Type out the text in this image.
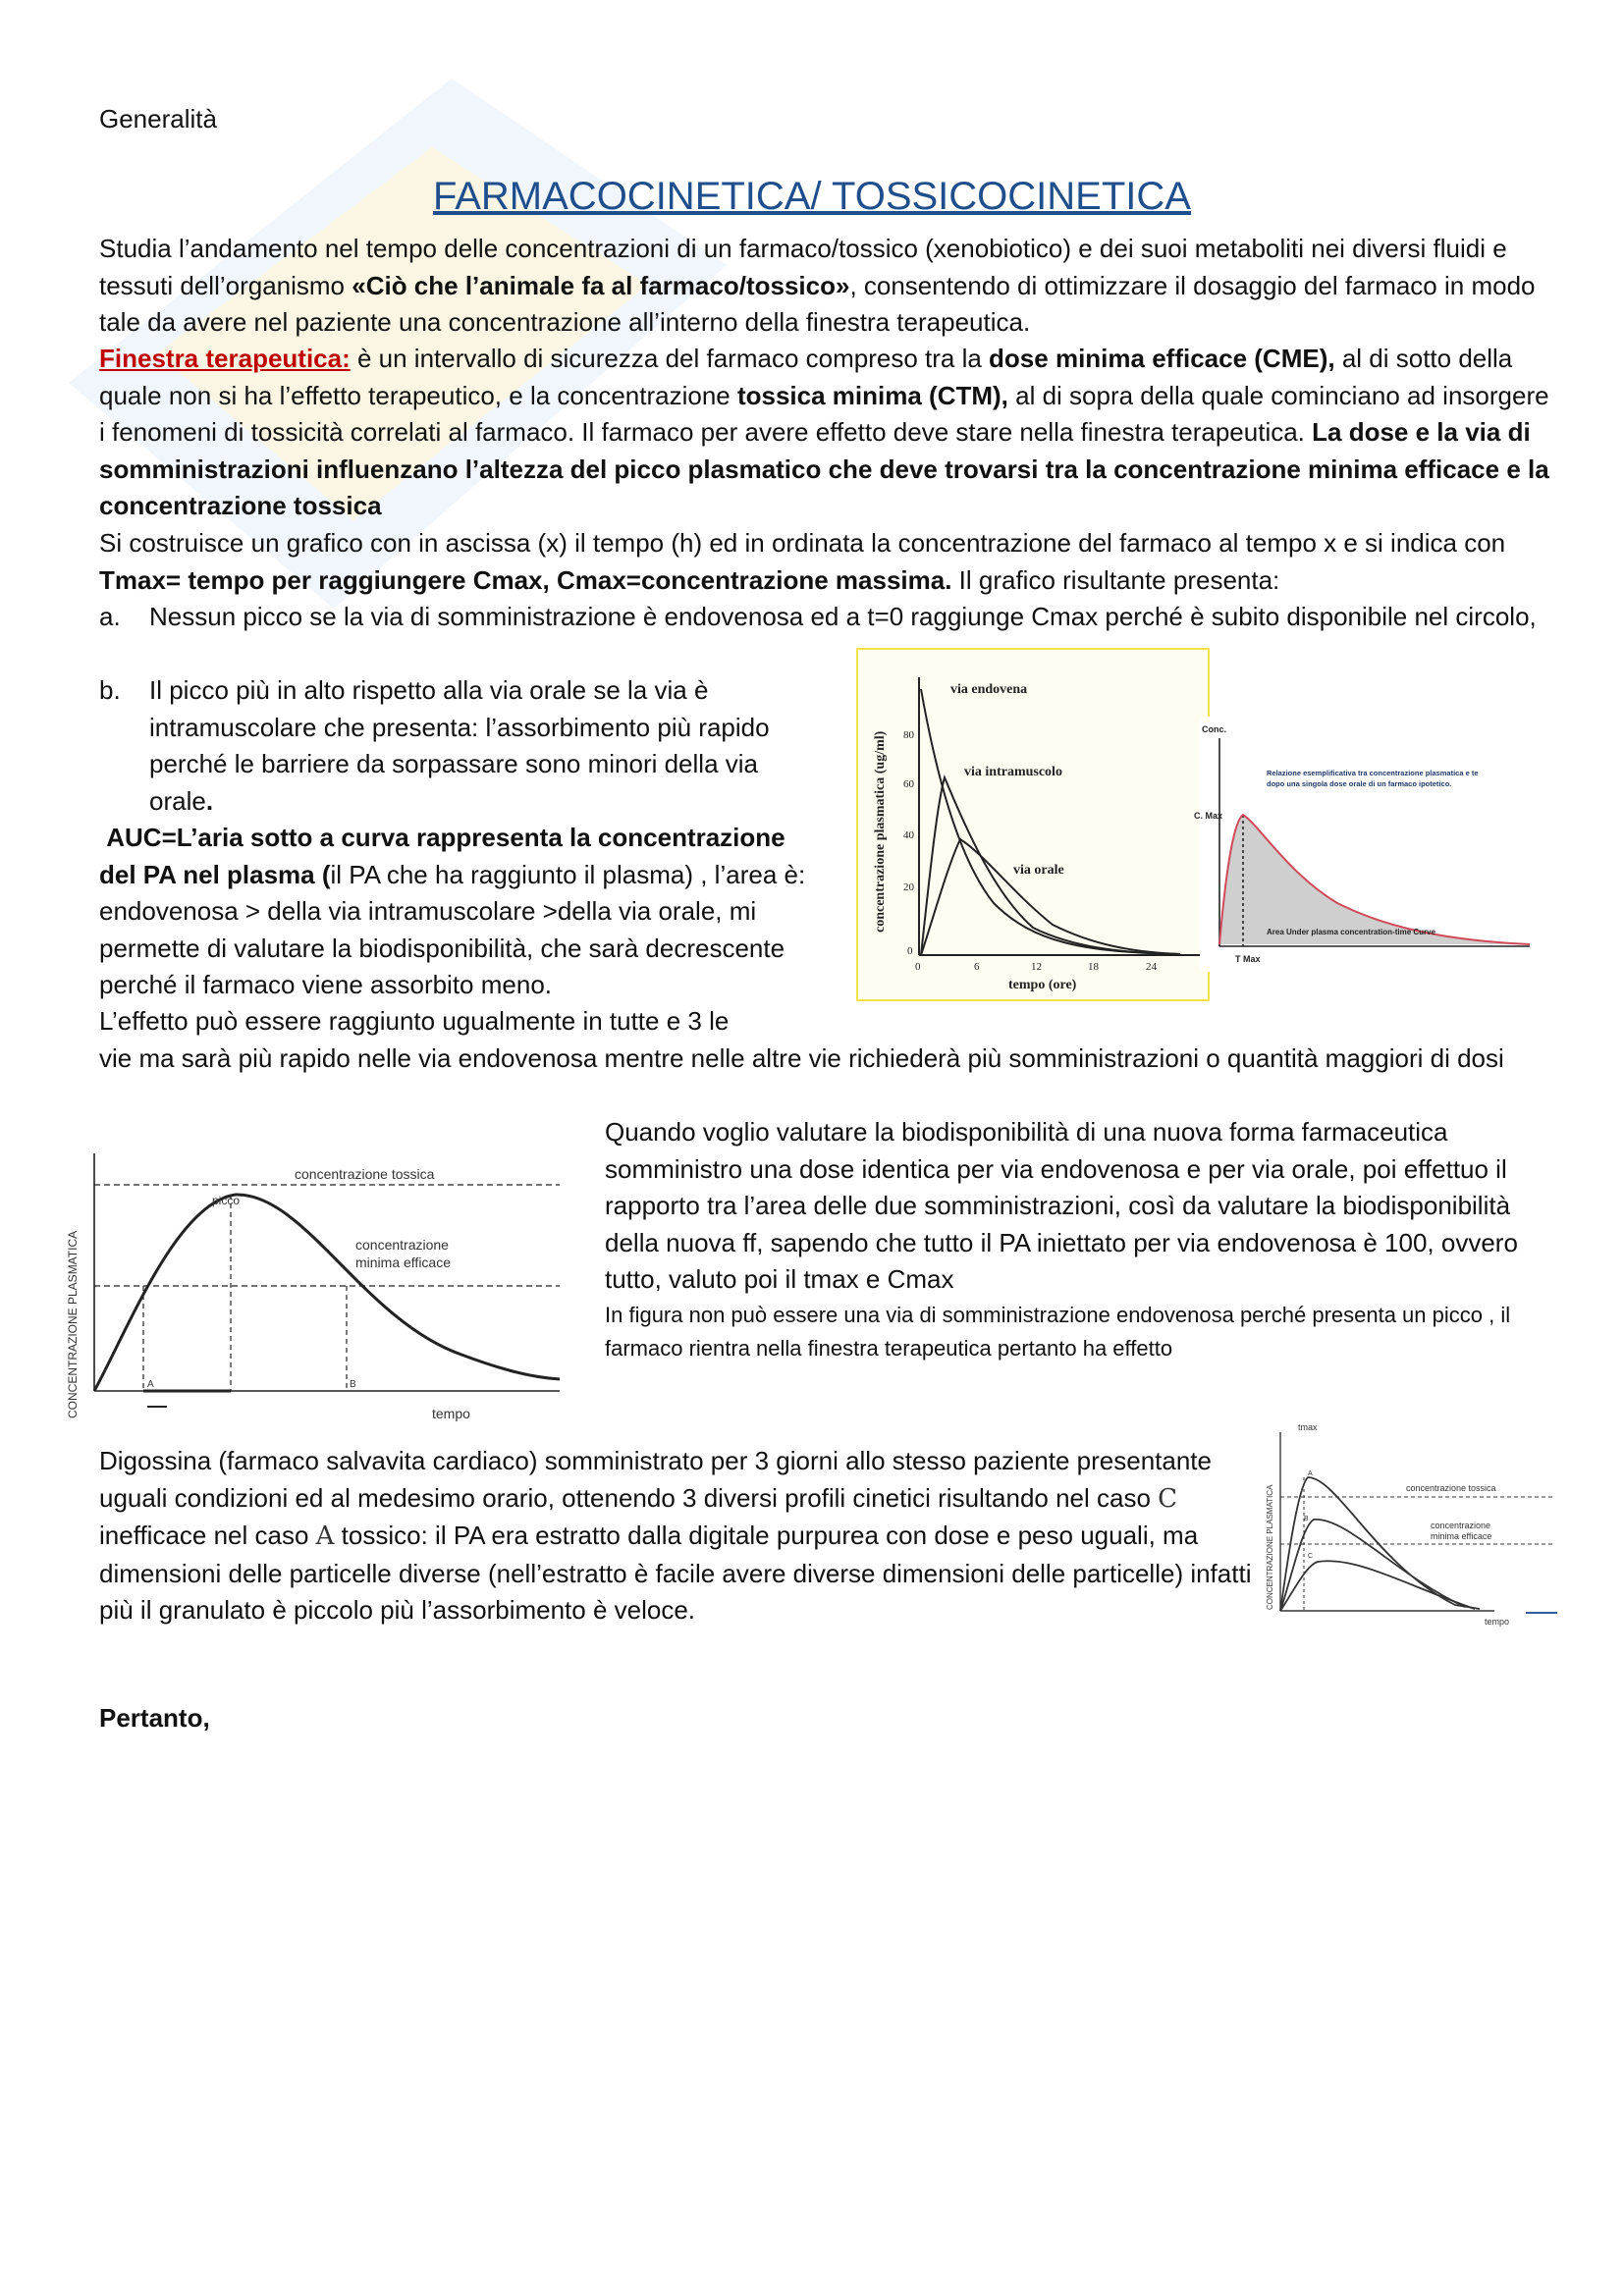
Generalità

FARMACOCINETICA/ TOSSICOCINETICA

Studia l’andamento nel tempo delle concentrazioni di un farmaco/tossico (xenobiotico) e dei suoi metaboliti nei diversi fluidi e tessuti dell’organismo «Ciò che l’animale fa al farmaco/tossico», consentendo di ottimizzare il dosaggio del farmaco in modo tale da avere nel paziente una concentrazione all’interno della finestra terapeutica.

Finestra terapeutica: è un intervallo di sicurezza del farmaco compreso tra la dose minima efficace (CME), al di sotto della quale non si ha l’effetto terapeutico, e la concentrazione tossica minima (CTM), al di sopra della quale cominciano ad insorgere i fenomeni di tossicità correlati al farmaco. Il farmaco per avere effetto deve stare nella finestra terapeutica. La dose e la via di somministrazioni influenzano l’altezza del picco plasmatico che deve trovarsi tra la concentrazione minima efficace e la concentrazione tossica

Si costruisce un grafico con in ascissa (x) il tempo (h) ed in ordinata la concentrazione del farmaco al tempo x e si indica con Tmax= tempo per raggiungere Cmax, Cmax=concentrazione massima. Il grafico risultante presenta:

a. Nessun picco se la via di somministrazione è endovenosa ed a t=0 raggiunge Cmax perché è subito disponibile nel circolo,

b. Il picco più in alto rispetto alla via orale se la via è intramuscolare che presenta: l’assorbimento più rapido perché le barriere da sorpassare sono minori della via orale.

AUC=L’aria sotto a curva rappresenta la concentrazione del PA nel plasma (il PA che ha raggiunto il plasma) , l’area è: endovenosa > della via intramuscolare >della via orale, mi permette di valutare la biodisponibilità, che sarà decrescente perché il farmaco viene assorbito meno.

L’effetto può essere raggiunto ugualmente in tutte e 3 le

vie ma sarà più rapido nelle via endovenosa mentre nelle altre vie richiederà più somministrazioni o quantità maggiori di dosi

Quando voglio valutare la biodisponibilità di una nuova forma farmaceutica somministro una dose identica per via endovenosa e per via orale, poi effettuo il rapporto tra l’area delle due somministrazioni, così da valutare la biodisponibilità della nuova ff, sapendo che tutto il PA iniettato per via endovenosa è 100, ovvero tutto, valuto poi il tmax e Cmax

In figura non può essere una via di somministrazione endovenosa perché presenta un picco , il farmaco rientra nella finestra terapeutica pertanto ha effetto

Digossina (farmaco salvavita cardiaco) somministrato per 3 giorni allo stesso paziente presentante uguali condizioni ed al medesimo orario, ottenendo 3 diversi profili cinetici risultando nel caso C inefficace nel caso A tossico: il PA era estratto dalla digitale purpurea con dose e peso uguali, ma dimensioni delle particelle diverse (nell’estratto è facile avere diverse dimensioni delle particelle) infatti più il granulato è piccolo più l’assorbimento è veloce.

Pertanto,

80
60
40
20
0
0	6	12	18	24
via endovena
via intramuscolo
via orale
tempo (ore)
concentrazione plasmatica (ug/ml)
Conc.
C. Max
T Max
Area Under plasma concentration-time Curve
Relazione esemplificativa tra concentrazione plasmatica e te
dopo una singola dose orale di un farmaco ipotetico.
concentrazione tossica
concentrazione
minima efficace
picco
tempo
A	B
CONCENTRAZIONE PLASMATICA
tmax
concentrazione tossica
concentrazione
minima efficace
tempo
A
B
C
CONCENTRAZIONE PLASMATICA
